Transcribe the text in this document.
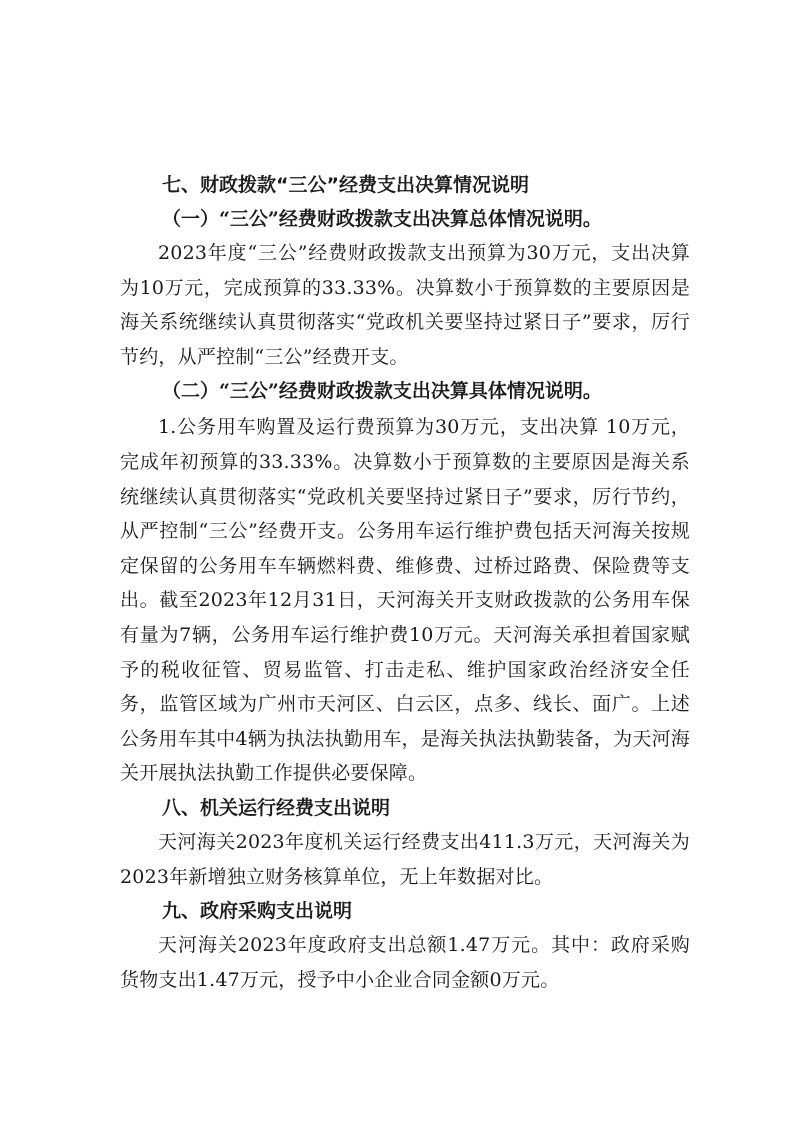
七、财政拨款“三公”经费支出决算情况说明
（一）“三公”经费财政拨款支出决算总体情况说明。

2023年度“三公”经费财政拨款支出预算为30万元，支出决算为10万元，完成预算的33.33%。决算数小于预算数的主要原因是海关系统继续认真贯彻落实“党政机关要坚持过紧日子”要求，厉行节约，从严控制“三公”经费开支。

（二）“三公”经费财政拨款支出决算具体情况说明。

1.公务用车购置及运行费预算为30万元，支出决算 10万元，完成年初预算的33.33%。决算数小于预算数的主要原因是海关系统继续认真贯彻落实“党政机关要坚持过紧日子”要求，厉行节约，从严控制“三公”经费开支。公务用车运行维护费包括天河海关按规定保留的公务用车车辆燃料费、维修费、过桥过路费、保险费等支出。截至2023年12月31日，天河海关开支财政拨款的公务用车保有量为7辆，公务用车运行维护费10万元。天河海关承担着国家赋予的税收征管、贸易监管、打击走私、维护国家政治经济安全任务，监管区域为广州市天河区、白云区，点多、线长、面广。上述公务用车其中4辆为执法执勤用车，是海关执法执勤装备，为天河海关开展执法执勤工作提供必要保障。

八、机关运行经费支出说明

天河海关2023年度机关运行经费支出411.3万元，天河海关为2023年新增独立财务核算单位，无上年数据对比。

九、政府采购支出说明

天河海关2023年度政府支出总额1.47万元。其中：政府采购货物支出1.47万元，授予中小企业合同金额0万元。
